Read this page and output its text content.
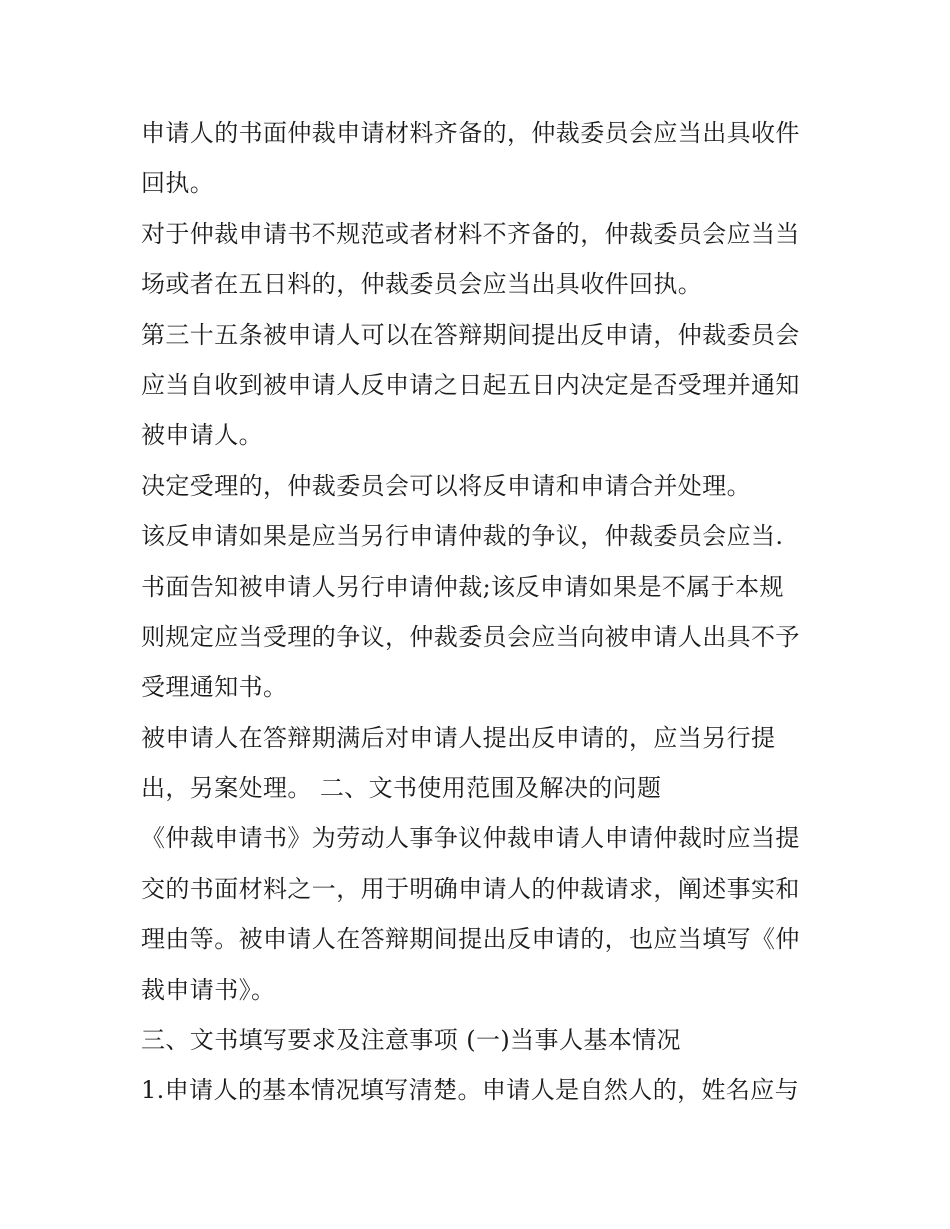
申请人的书面仲裁申请材料齐备的，仲裁委员会应当出具收件
回执。
对于仲裁申请书不规范或者材料不齐备的，仲裁委员会应当当
场或者在五日料的，仲裁委员会应当出具收件回执。
第三十五条被申请人可以在答辩期间提出反申请，仲裁委员会
应当自收到被申请人反申请之日起五日内决定是否受理并通知
被申请人。
决定受理的，仲裁委员会可以将反申请和申请合并处理。
该反申请如果是应当另行申请仲裁的争议，仲裁委员会应当.
书面告知被申请人另行申请仲裁;该反申请如果是不属于本规
则规定应当受理的争议，仲裁委员会应当向被申请人出具不予
受理通知书。
被申请人在答辩期满后对申请人提出反申请的，应当另行提
出，另案处理。 二、文书使用范围及解决的问题
《仲裁申请书》为劳动人事争议仲裁申请人申请仲裁时应当提
交的书面材料之一，用于明确申请人的仲裁请求，阐述事实和
理由等。被申请人在答辩期间提出反申请的，也应当填写《仲
裁申请书》。
三、文书填写要求及注意事项 (一)当事人基本情况
1.申请人的基本情况填写清楚。申请人是自然人的，姓名应与
